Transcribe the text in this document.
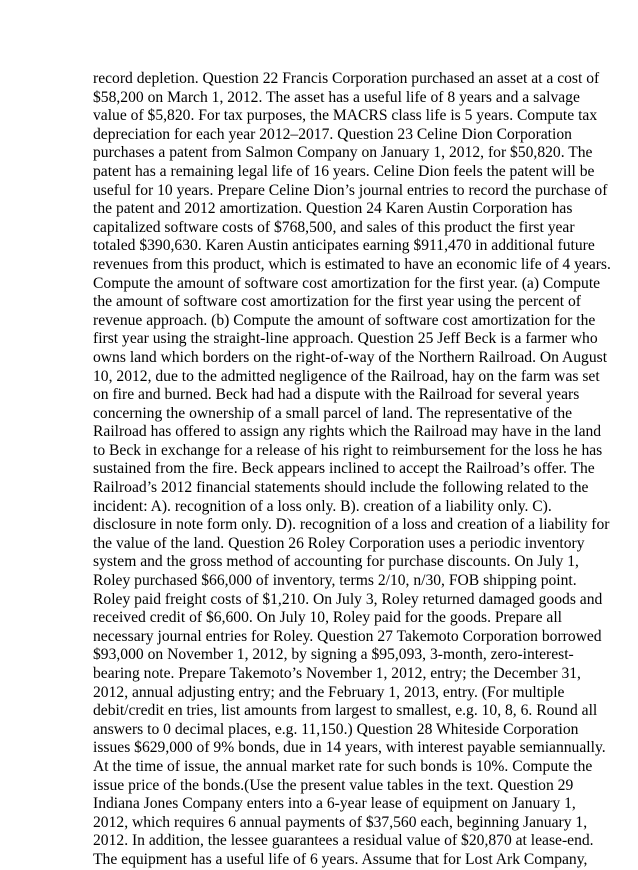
record depletion. Question 22 Francis Corporation purchased an asset at a cost of
$58,200 on March 1, 2012. The asset has a useful life of 8 years and a salvage
value of $5,820. For tax purposes, the MACRS class life is 5 years. Compute tax
depreciation for each year 2012–2017. Question 23 Celine Dion Corporation
purchases a patent from Salmon Company on January 1, 2012, for $50,820. The
patent has a remaining legal life of 16 years. Celine Dion feels the patent will be
useful for 10 years. Prepare Celine Dion’s journal entries to record the purchase of
the patent and 2012 amortization. Question 24 Karen Austin Corporation has
capitalized software costs of $768,500, and sales of this product the first year
totaled $390,630. Karen Austin anticipates earning $911,470 in additional future
revenues from this product, which is estimated to have an economic life of 4 years.
Compute the amount of software cost amortization for the first year. (a) Compute
the amount of software cost amortization for the first year using the percent of
revenue approach. (b) Compute the amount of software cost amortization for the
first year using the straight-line approach. Question 25 Jeff Beck is a farmer who
owns land which borders on the right-of-way of the Northern Railroad. On August
10, 2012, due to the admitted negligence of the Railroad, hay on the farm was set
on fire and burned. Beck had had a dispute with the Railroad for several years
concerning the ownership of a small parcel of land. The representative of the
Railroad has offered to assign any rights which the Railroad may have in the land
to Beck in exchange for a release of his right to reimbursement for the loss he has
sustained from the fire. Beck appears inclined to accept the Railroad’s offer. The
Railroad’s 2012 financial statements should include the following related to the
incident: A). recognition of a loss only. B). creation of a liability only. C).
disclosure in note form only. D). recognition of a loss and creation of a liability for
the value of the land. Question 26 Roley Corporation uses a periodic inventory
system and the gross method of accounting for purchase discounts. On July 1,
Roley purchased $66,000 of inventory, terms 2/10, n/30, FOB shipping point.
Roley paid freight costs of $1,210. On July 3, Roley returned damaged goods and
received credit of $6,600. On July 10, Roley paid for the goods. Prepare all
necessary journal entries for Roley. Question 27 Takemoto Corporation borrowed
$93,000 on November 1, 2012, by signing a $95,093, 3-month, zero-interest-
bearing note. Prepare Takemoto’s November 1, 2012, entry; the December 31,
2012, annual adjusting entry; and the February 1, 2013, entry. (For multiple
debit/credit en tries, list amounts from largest to smallest, e.g. 10, 8, 6. Round all
answers to 0 decimal places, e.g. 11,150.) Question 28 Whiteside Corporation
issues $629,000 of 9% bonds, due in 14 years, with interest payable semiannually.
At the time of issue, the annual market rate for such bonds is 10%. Compute the
issue price of the bonds.(Use the present value tables in the text. Question 29
Indiana Jones Company enters into a 6-year lease of equipment on January 1,
2012, which requires 6 annual payments of $37,560 each, beginning January 1,
2012. In addition, the lessee guarantees a residual value of $20,870 at lease-end.
The equipment has a useful life of 6 years. Assume that for Lost Ark Company,
